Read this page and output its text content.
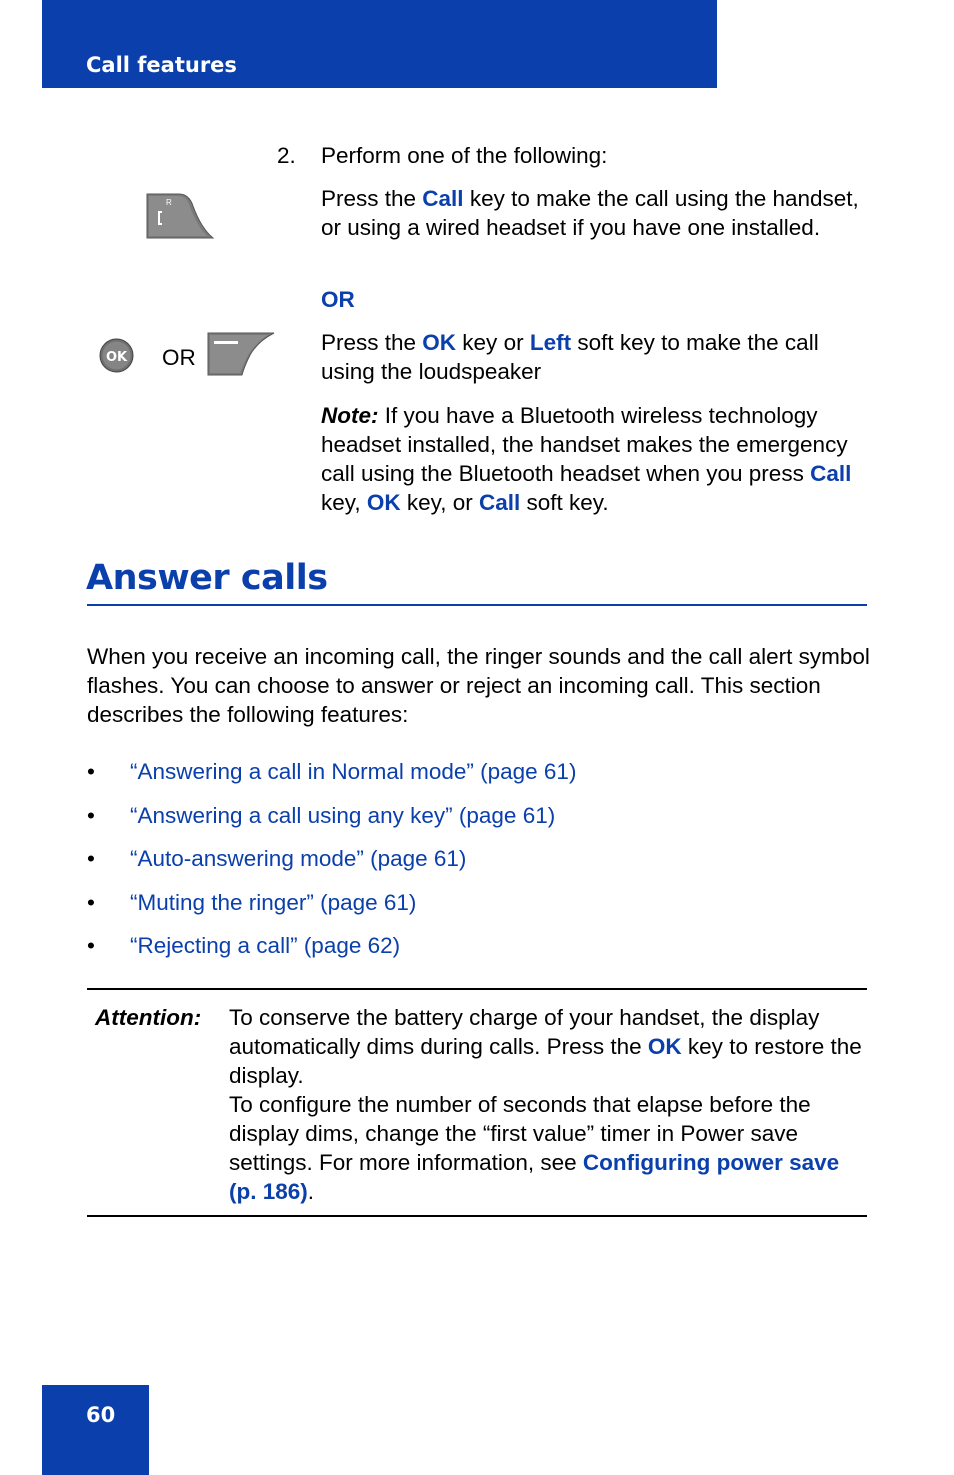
Call features
2. Perform one of the following:
R	Press the Call key to make the call using the handset, or using a wired headset if you have one installed.

OR
OK OR

Press the OK key or Left soft key to make the call using the loudspeaker

Note: If you have a Bluetooth wireless technology headset installed, the handset makes the emergency call using the Bluetooth headset when you press Call key, OK key, or Call soft key.

Answer calls

When you receive an incoming call, the ringer sounds and the call alert symbol flashes. You can choose to answer or reject an incoming call. This section describes the following features:

• “Answering a call in Normal mode” (page 61)
• “Answering a call using any key” (page 61)
• “Auto-answering mode” (page 61)
• “Muting the ringer” (page 61)
• “Rejecting a call” (page 62)
Attention: To conserve the battery charge of your handset, the display automatically dims during calls. Press the OK key to restore the display.
To configure the number of seconds that elapse before the display dims, change the “first value” timer in Power save settings. For more information, see Configuring power save (p. 186).
60
